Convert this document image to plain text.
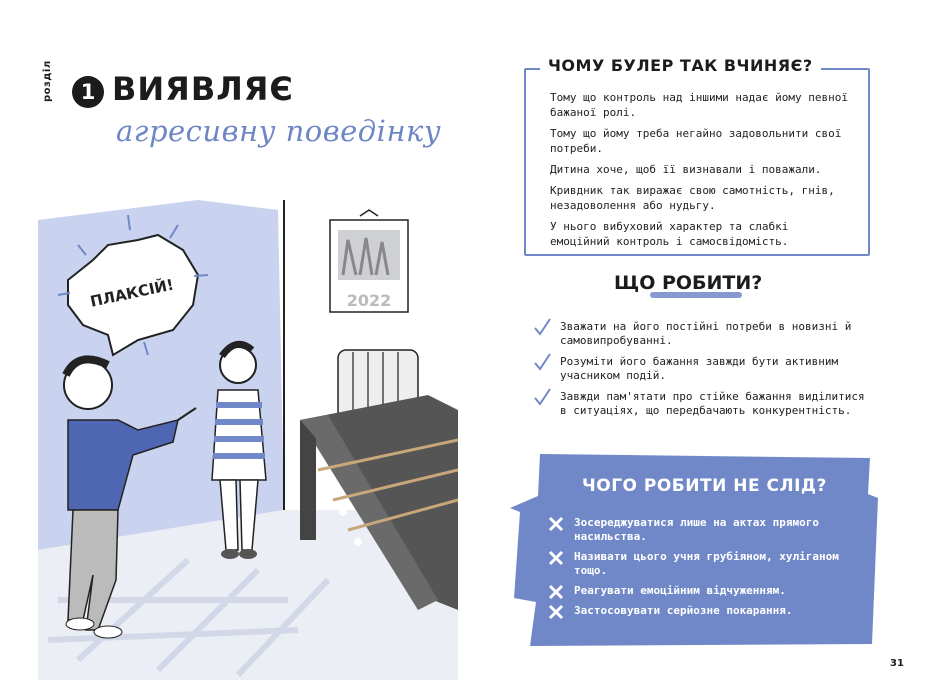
розділ	1 ВИЯВЛЯЄ
агресивну поведінку
2022
ПЛАКСІЙ!
ЧОМУ БУЛЕР ТАК ВЧИНЯЄ?
Тому що контроль над іншими надає йому певної бажаної ролі.
Тому що йому треба негайно задовольнити свої потреби.
Дитина хоче, щоб її визнавали і поважали.
Кривдник так виражає свою самотність, гнів, незадоволення або нудьгу.
У нього вибуховий характер та слабкі емоційний контроль і самосвідомість.
ЩО РОБИТИ?
Зважати на його постійні потреби в новизні й самовипробуванні.
Розуміти його бажання завжди бути активним учасником подій.
Завжди пам'ятати про стійке бажання виділитися в ситуаціях, що передбачають конкурентність.
ЧОГО РОБИТИ НЕ СЛІД?
Зосереджуватися лише на актах прямого насильства.
Називати цього учня грубіяном, хуліганом тощо.
Реагувати емоційним відчуженням.
Застосовувати серйозне покарання.
31
